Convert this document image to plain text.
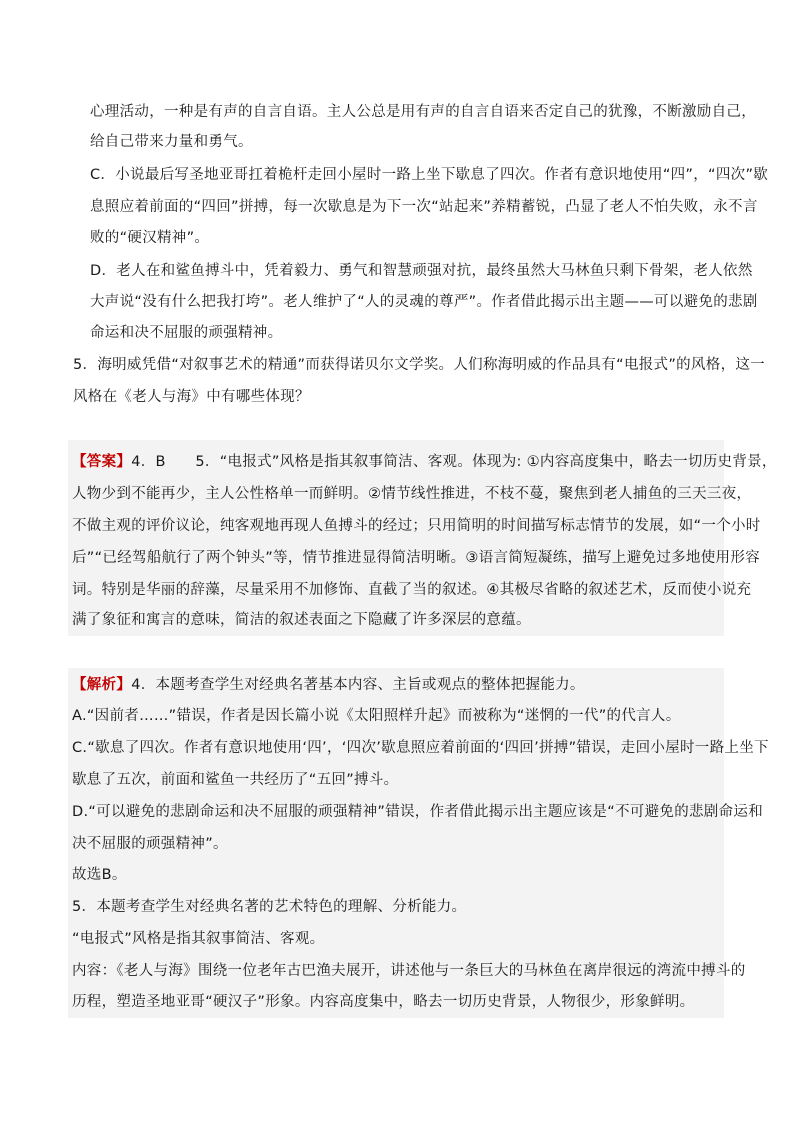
心理活动，一种是有声的自言自语。主人公总是用有声的自言自语来否定自己的犹豫，不断激励自己，
给自己带来力量和勇气。
C．小说最后写圣地亚哥扛着桅杆走回小屋时一路上坐下歇息了四次。作者有意识地使用“四”，“四次”歇
息照应着前面的“四回”拼搏，每一次歇息是为下一次“站起来”养精蓄锐，凸显了老人不怕失败，永不言
败的“硬汉精神”。
D．老人在和鲨鱼搏斗中，凭着毅力、勇气和智慧顽强对抗，最终虽然大马林鱼只剩下骨架，老人依然
大声说“没有什么把我打垮”。老人维护了“人的灵魂的尊严”。作者借此揭示出主题——可以避免的悲剧
命运和决不屈服的顽强精神。
5．海明威凭借“对叙事艺术的精通”而获得诺贝尔文学奖。人们称海明威的作品具有“电报式”的风格，这一
风格在《老人与海》中有哪些体现？
【答案】4．B　　5．“电报式”风格是指其叙事简洁、客观。体现为: ①内容高度集中，略去一切历史背景，
人物少到不能再少，主人公性格单一而鲜明。②情节线性推进，不枝不蔓，聚焦到老人捕鱼的三天三夜，
不做主观的评价议论，纯客观地再现人鱼搏斗的经过；只用简明的时间描写标志情节的发展，如“一个小时
后”“已经驾船航行了两个钟头”等，情节推进显得简洁明晰。③语言简短凝练，描写上避免过多地使用形容
词。特别是华丽的辞藻，尽量采用不加修饰、直截了当的叙述。④其极尽省略的叙述艺术，反而使小说充
满了象征和寓言的意味，简洁的叙述表面之下隐藏了许多深层的意蕴。
【解析】4．本题考查学生对经典名著基本内容、主旨或观点的整体把握能力。
A.“因前者……”错误，作者是因长篇小说《太阳照样升起》而被称为“迷惘的一代”的代言人。
C.“歇息了四次。作者有意识地使用‘四’，‘四次’歇息照应着前面的‘四回’拼搏”错误，走回小屋时一路上坐下
歇息了五次，前面和鲨鱼一共经历了“五回”搏斗。
D.“可以避免的悲剧命运和决不屈服的顽强精神”错误，作者借此揭示出主题应该是“不可避免的悲剧命运和
决不屈服的顽强精神”。
故选B。
5．本题考查学生对经典名著的艺术特色的理解、分析能力。
“电报式”风格是指其叙事简洁、客观。
内容：《老人与海》围绕一位老年古巴渔夫展开，讲述他与一条巨大的马林鱼在离岸很远的湾流中搏斗的
历程，塑造圣地亚哥“硬汉子”形象。内容高度集中，略去一切历史背景，人物很少，形象鲜明。
